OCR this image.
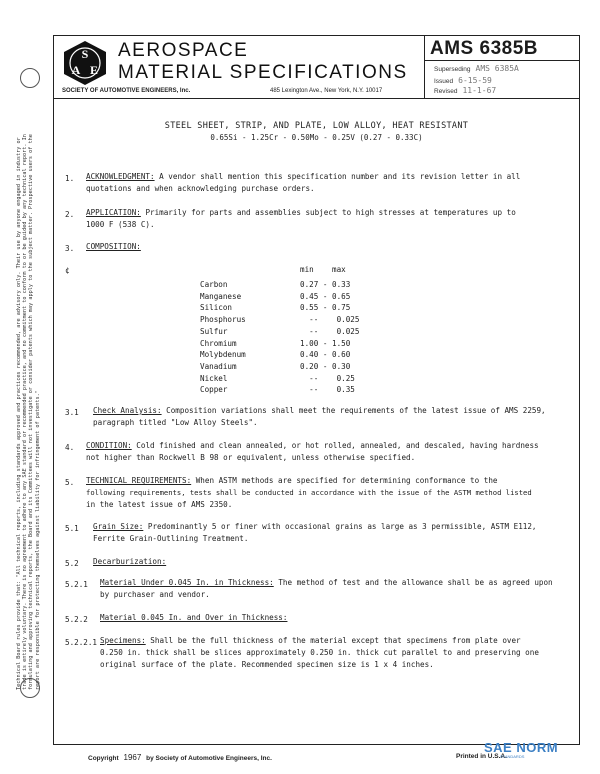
Technical Board rules provide that: "All technical reports, including standards approved and practices recommended, are advisory only. Their use by anyone engaged in industry or trade is entirely voluntary. There is no agreement to adhere to any SAE standard or recommended practice, and no commitment to conform to or be guided by any technical report. In formulating and approving technical reports, the Board and its Committees will not investigate or consider patents which may apply to the subject matter. Prospective users of the report are responsible for protecting themselves against liability for infringement of patents."
S
A E
AEROSPACE
MATERIAL SPECIFICATIONS
SOCIETY OF AUTOMOTIVE ENGINEERS, Inc.	485 Lexington Ave., New York, N.Y. 10017
AMS 6385B
Superseding AMS 6385A
Issued 6-15-59
Revised 11-1-67
STEEL SHEET, STRIP, AND PLATE, LOW ALLOY, HEAT RESISTANT
0.65Si - 1.25Cr - 0.50Mo - 0.25V (0.27 - 0.33C)
1. ACKNOWLEDGMENT: A vendor shall mention this specification number and its revision letter in all
quotations and when acknowledging purchase orders.
2. APPLICATION: Primarily for parts and assemblies subject to high stresses at temperatures up to
1000 F (538 C).
3. COMPOSITION:
¢	min max
Carbon	0.27 - 0.33
Manganese	0.45 - 0.65
Silicon	0.55 - 0.75
Phosphorus	--    0.025
Sulfur	--    0.025
Chromium	1.00 - 1.50
Molybdenum	0.40 - 0.60
Vanadium	0.20 - 0.30
Nickel	--    0.25
Copper	--    0.35
3.1 Check Analysis: Composition variations shall meet the requirements of the latest issue of AMS 2259,
paragraph titled "Low Alloy Steels".
4. CONDITION: Cold finished and clean annealed, or hot rolled, annealed, and descaled, having hardness
not higher than Rockwell B 98 or equivalent, unless otherwise specified.
5. TECHNICAL REQUIREMENTS: When ASTM methods are specified for determining conformance to the
following requirements, tests shall be conducted in accordance with the issue of the ASTM method listed
in the latest issue of AMS 2350.
5.1 Grain Size: Predominantly 5 or finer with occasional grains as large as 3 permissible, ASTM E112,
Ferrite Grain-Outlining Treatment.
5.2 Decarburization:
5.2.1 Material Under 0.045 In. in Thickness: The method of test and the allowance shall be as agreed upon
by purchaser and vendor.
5.2.2 Material 0.045 In. and Over in Thickness:
5.2.2.1 Specimens: Shall be the full thickness of the material except that specimens from plate over
0.250 in. thick shall be slices approximately 0.250 in. thick cut parallel to and preserving one
original surface of the plate. Recommended specimen size is 1 x 4 inches.
Copyright 1967 by Society of Automotive Engineers, Inc.	Printed in U.S.A.
SAE NORM
STANDARDS
